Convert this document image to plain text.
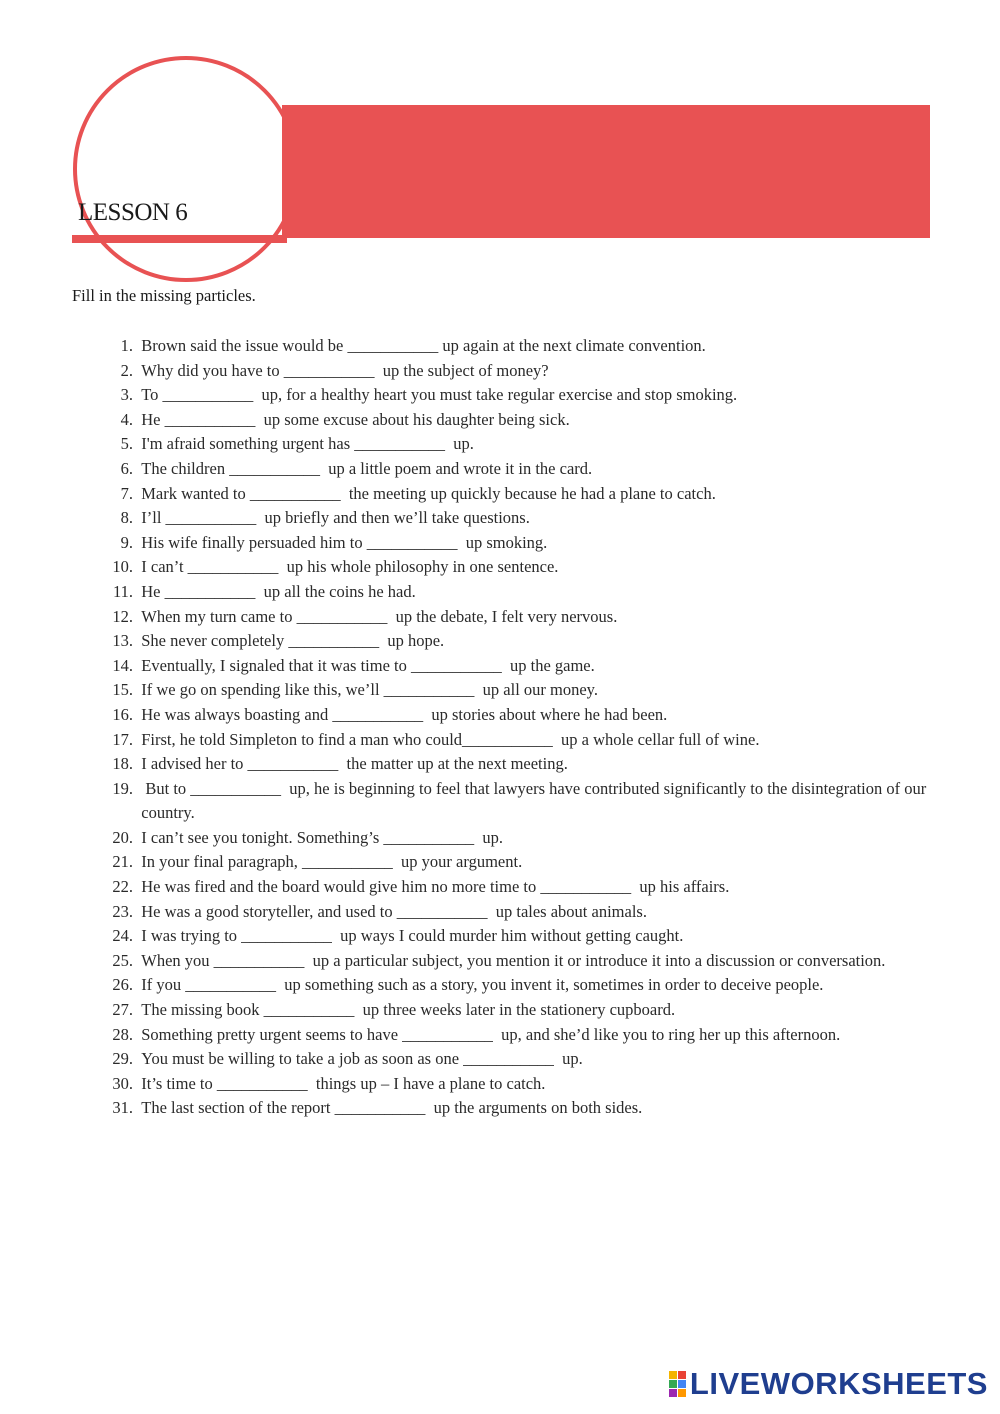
LESSON 6

Fill in the missing particles.

1.
Brown said the issue would be ___________ up again at the next climate convention.
2.
Why did you have to ___________  up the subject of money?
3.
To ___________  up, for a healthy heart you must take regular exercise and stop smoking.
4.
He ___________  up some excuse about his daughter being sick.
5.
I'm afraid something urgent has ___________  up.
6.
The children ___________  up a little poem and wrote it in the card.
7.
Mark wanted to ___________  the meeting up quickly because he had a plane to catch.
8.
I’ll ___________  up briefly and then we’ll take questions.
9.
His wife finally persuaded him to ___________  up smoking.
10.
I can’t ___________  up his whole philosophy in one sentence.
11.
He ___________  up all the coins he had.
12.
When my turn came to ___________  up the debate, I felt very nervous.
13.
She never completely ___________  up hope.
14.
Eventually, I signaled that it was time to ___________  up the game.
15.
If we go on spending like this, we’ll ___________  up all our money.
16.
He was always boasting and ___________  up stories about where he had been.
17.
First, he told Simpleton to find a man who could___________  up a whole cellar full of wine.
18.
I advised her to ___________  the matter up at the next meeting.
19.
But to ___________  up, he is beginning to feel that lawyers have contributed significantly to the disintegration of our country.
20.
I can’t see you tonight. Something’s ___________  up.
21.
In your final paragraph, ___________  up your argument.
22.
He was fired and the board would give him no more time to ___________  up his affairs.
23.
He was a good storyteller, and used to ___________  up tales about animals.
24.
I was trying to ___________  up ways I could murder him without getting caught.
25.
When you ___________  up a particular subject, you mention it or introduce it into a discussion or conversation.
26.
If you ___________  up something such as a story, you invent it, sometimes in order to deceive people.
27.
The missing book ___________  up three weeks later in the stationery cupboard.
28.
Something pretty urgent seems to have ___________  up, and she’d like you to ring her up this afternoon.
29.
You must be willing to take a job as soon as one ___________  up.
30.
It’s time to ___________  things up – I have a plane to catch.
31.
The last section of the report ___________  up the arguments on both sides.
LIVEWORKSHEETS
